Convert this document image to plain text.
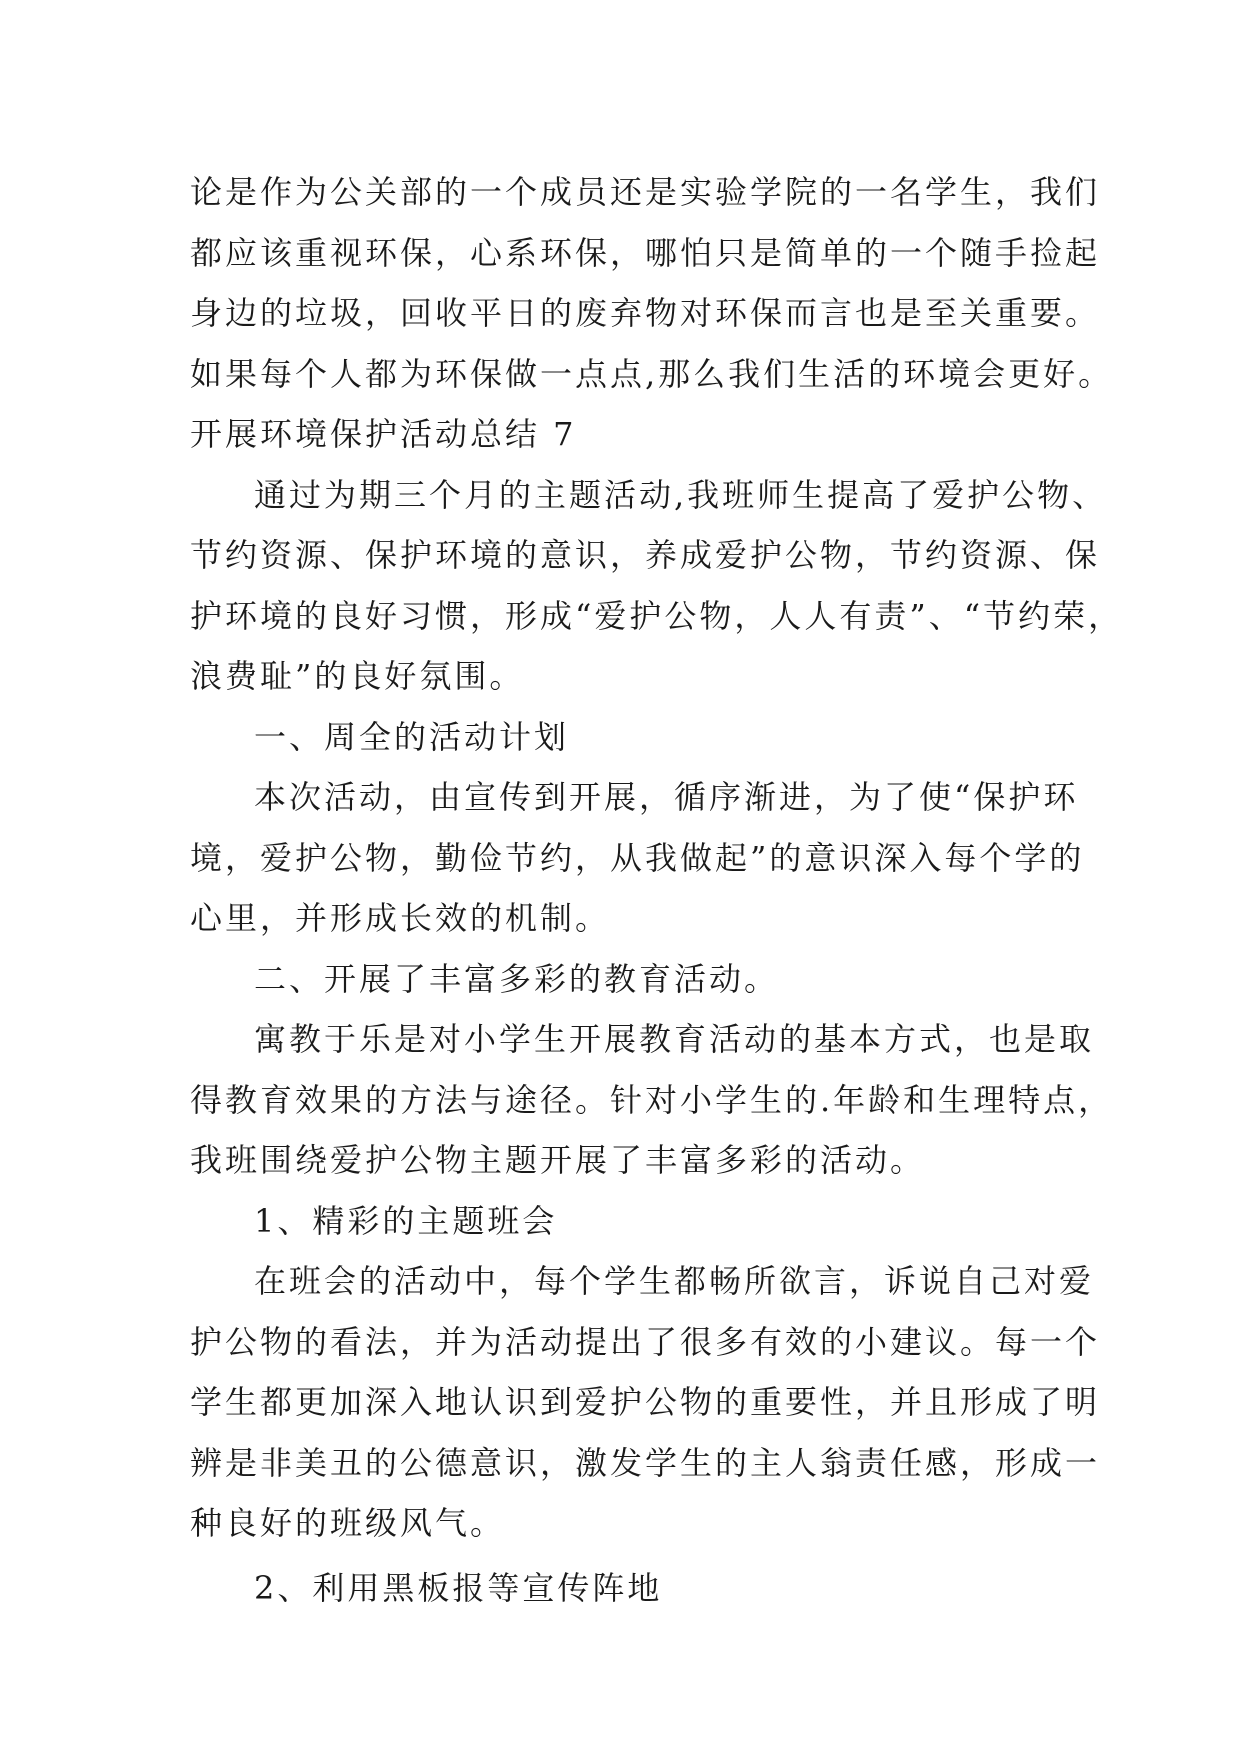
论是作为公关部的一个成员还是实验学院的一名学生，我们

都应该重视环保，心系环保，哪怕只是简单的一个随手捡起

身边的垃圾，回收平日的废弃物对环保而言也是至关重要。

如果每个人都为环保做一点点,那么我们生活的环境会更好。

开展环境保护活动总结 7

通过为期三个月的主题活动,我班师生提高了爱护公物、

节约资源、保护环境的意识，养成爱护公物，节约资源、保

护环境的良好习惯，形成“爱护公物，人人有责”、“节约荣，

浪费耻”的良好氛围。

一、周全的活动计划

本次活动，由宣传到开展，循序渐进，为了使“保护环

境，爱护公物，勤俭节约，从我做起”的意识深入每个学的

心里，并形成长效的机制。

二、开展了丰富多彩的教育活动。

寓教于乐是对小学生开展教育活动的基本方式，也是取

得教育效果的方法与途径。针对小学生的.年龄和生理特点，

我班围绕爱护公物主题开展了丰富多彩的活动。

1、精彩的主题班会

在班会的活动中，每个学生都畅所欲言，诉说自己对爱

护公物的看法，并为活动提出了很多有效的小建议。每一个

学生都更加深入地认识到爱护公物的重要性，并且形成了明

辨是非美丑的公德意识，激发学生的主人翁责任感，形成一

种良好的班级风气。

2、利用黑板报等宣传阵地
